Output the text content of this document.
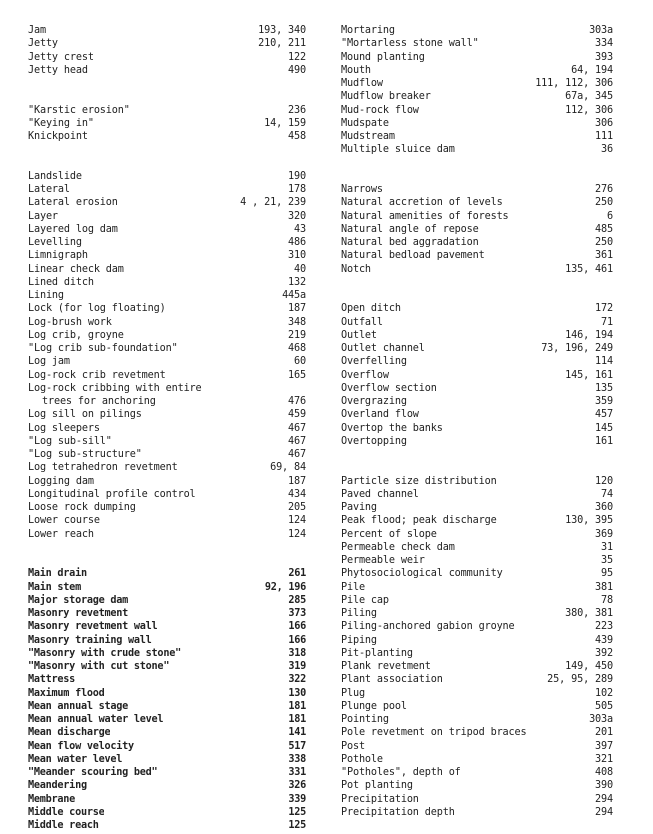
Jam	193, 340
Jetty	210, 211
Jetty crest	122
Jetty head	490
"Karstic erosion"	236
"Keying in"	14, 159
Knickpoint	458
Landslide	190
Lateral	178
Lateral erosion	4 , 21, 239
Layer	320
Layered log dam	43
Levelling	486
Limnigraph	310
Linear check dam	40
Lined ditch	132
Lining	445a
Lock (for log floating)	187
Log-brush work	348
Log crib, groyne	219
"Log crib sub-foundation"	468
Log jam	60
Log-rock crib revetment	165
Log-rock cribbing with entire
trees for anchoring	476
Log sill on pilings	459
Log sleepers	467
"Log sub-sill"	467
"Log sub-structure"	467
Log tetrahedron revetment	69, 84
Logging dam	187
Longitudinal profile control	434
Loose rock dumping	205
Lower course	124
Lower reach	124
Main drain	261
Main stem	92, 196
Major storage dam	285
Masonry revetment	373
Masonry revetment wall	166
Masonry training wall	166
"Masonry with crude stone"	318
"Masonry with cut stone"	319
Mattress	322
Maximum flood	130
Mean annual stage	181
Mean annual water level	181
Mean discharge	141
Mean flow velocity	517
Mean water level	338
"Meander scouring bed"	331
Meandering	326
Membrane	339
Middle course	125
Middle reach	125
Mortaring	303a
"Mortarless stone wall"	334
Mound planting	393
Mouth	64, 194
Mudflow	111, 112, 306
Mudflow breaker	67a, 345
Mud-rock flow	112, 306
Mudspate	306
Mudstream	111
Multiple sluice dam	36
Narrows	276
Natural accretion of levels	250
Natural amenities of forests	6
Natural angle of repose	485
Natural bed aggradation	250
Natural bedload pavement	361
Notch	135, 461
Open ditch	172
Outfall	71
Outlet	146, 194
Outlet channel	73, 196, 249
Overfelling	114
Overflow	145, 161
Overflow section	135
Overgrazing	359
Overland flow	457
Overtop the banks	145
Overtopping	161
Particle size distribution	120
Paved channel	74
Paving	360
Peak flood; peak discharge	130, 395
Percent of slope	369
Permeable check dam	31
Permeable weir	35
Phytosociological community	95
Pile	381
Pile cap	78
Piling	380, 381
Piling-anchored gabion groyne	223
Piping	439
Pit-planting	392
Plank revetment	149, 450
Plant association	25, 95, 289
Plug	102
Plunge pool	505
Pointing	303a
Pole revetment on tripod braces	201
Post	397
Pothole	321
"Potholes", depth of	408
Pot planting	390
Precipitation	294
Precipitation depth	294
